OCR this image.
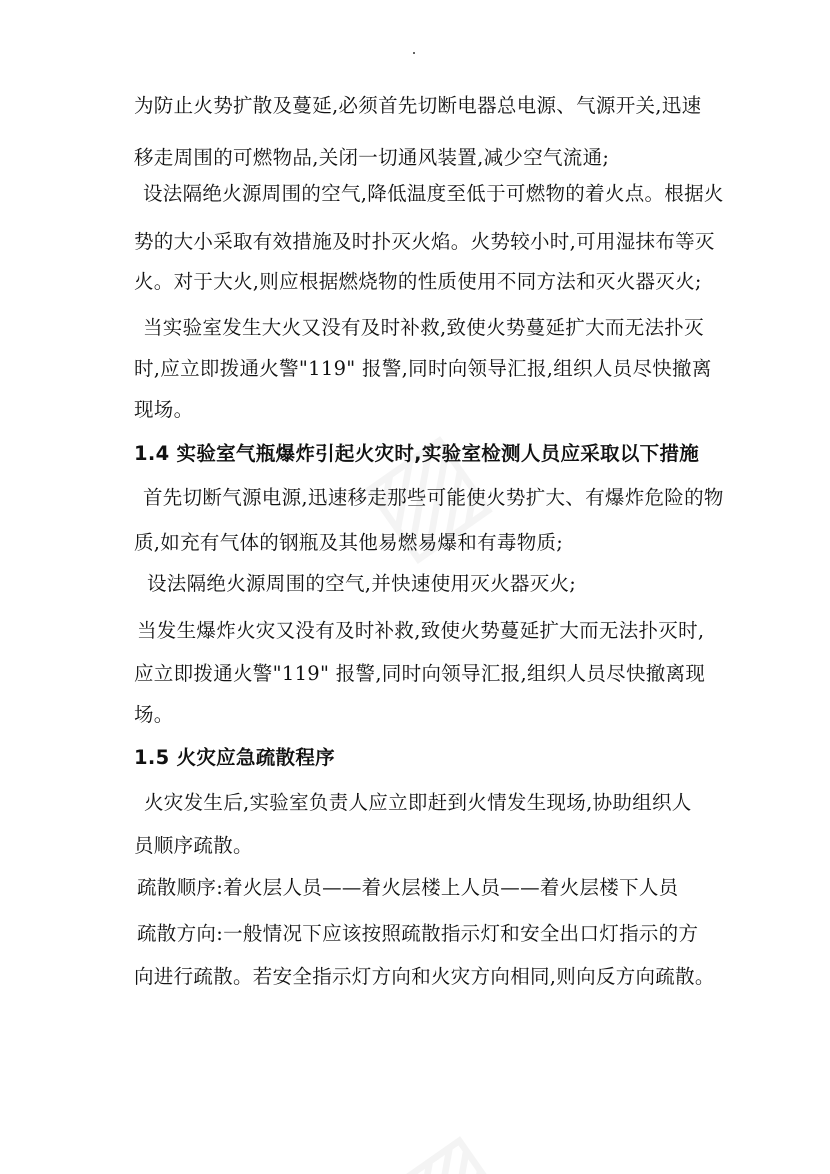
为防止火势扩散及蔓延,必须首先切断电器总电源、气源开关,迅速
移走周围的可燃物品,关闭一切通风装置,减少空气流通;
设法隔绝火源周围的空气,降低温度至低于可燃物的着火点。根据火
势的大小采取有效措施及时扑灭火焰。火势较小时,可用湿抹布等灭
火。对于大火,则应根据燃烧物的性质使用不同方法和灭火器灭火;
当实验室发生大火又没有及时补救,致使火势蔓延扩大而无法扑灭
时,应立即拨通火警"119" 报警,同时向领导汇报,组织人员尽快撤离
现场。
1.4 实验室气瓶爆炸引起火灾时,实验室检测人员应采取以下措施
首先切断气源电源,迅速移走那些可能使火势扩大、有爆炸危险的物
质,如充有气体的钢瓶及其他易燃易爆和有毒物质;
设法隔绝火源周围的空气,并快速使用灭火器灭火;
当发生爆炸火灾又没有及时补救,致使火势蔓延扩大而无法扑灭时,
应立即拨通火警"119" 报警,同时向领导汇报,组织人员尽快撤离现
场。
1.5 火灾应急疏散程序
火灾发生后,实验室负责人应立即赶到火情发生现场,协助组织人
员顺序疏散。
疏散顺序:着火层人员——着火层楼上人员——着火层楼下人员
疏散方向:一般情况下应该按照疏散指示灯和安全出口灯指示的方
向进行疏散。若安全指示灯方向和火灾方向相同,则向反方向疏散。
